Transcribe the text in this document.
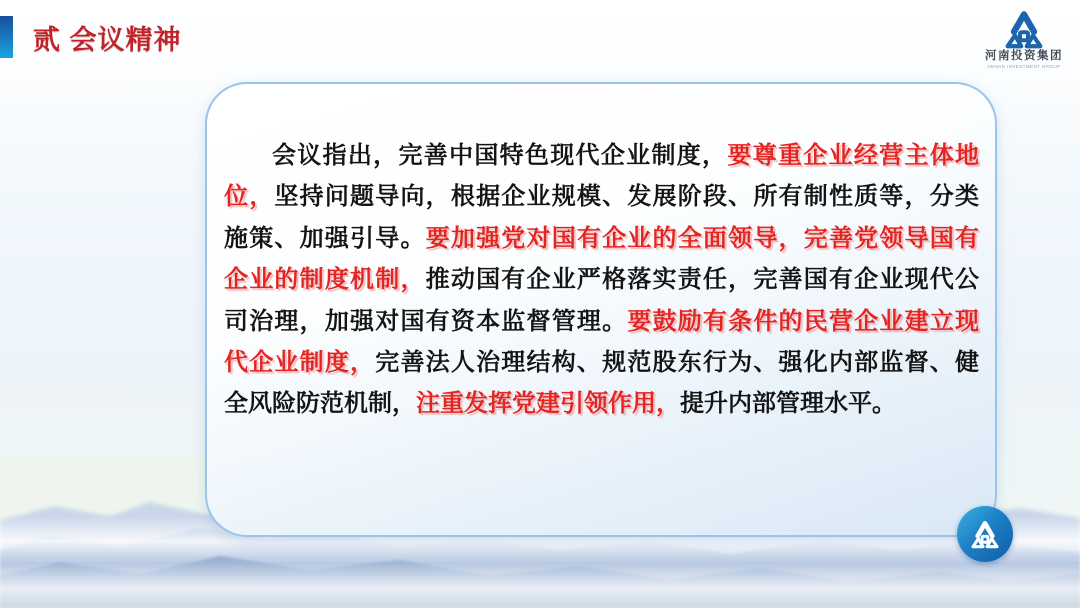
贰 会议精神
河南投资集团
HENAN INVESTMENT GROUP
会议指出，完善中国特色现代企业制度，要尊重企业经营主体地
位，坚持问题导向，根据企业规模、发展阶段、所有制性质等，分类
施策、加强引导。要加强党对国有企业的全面领导，完善党领导国有
企业的制度机制，推动国有企业严格落实责任，完善国有企业现代公
司治理，加强对国有资本监督管理。要鼓励有条件的民营企业建立现
代企业制度，完善法人治理结构、规范股东行为、强化内部监督、健
全风险防范机制，注重发挥党建引领作用，提升内部管理水平。
